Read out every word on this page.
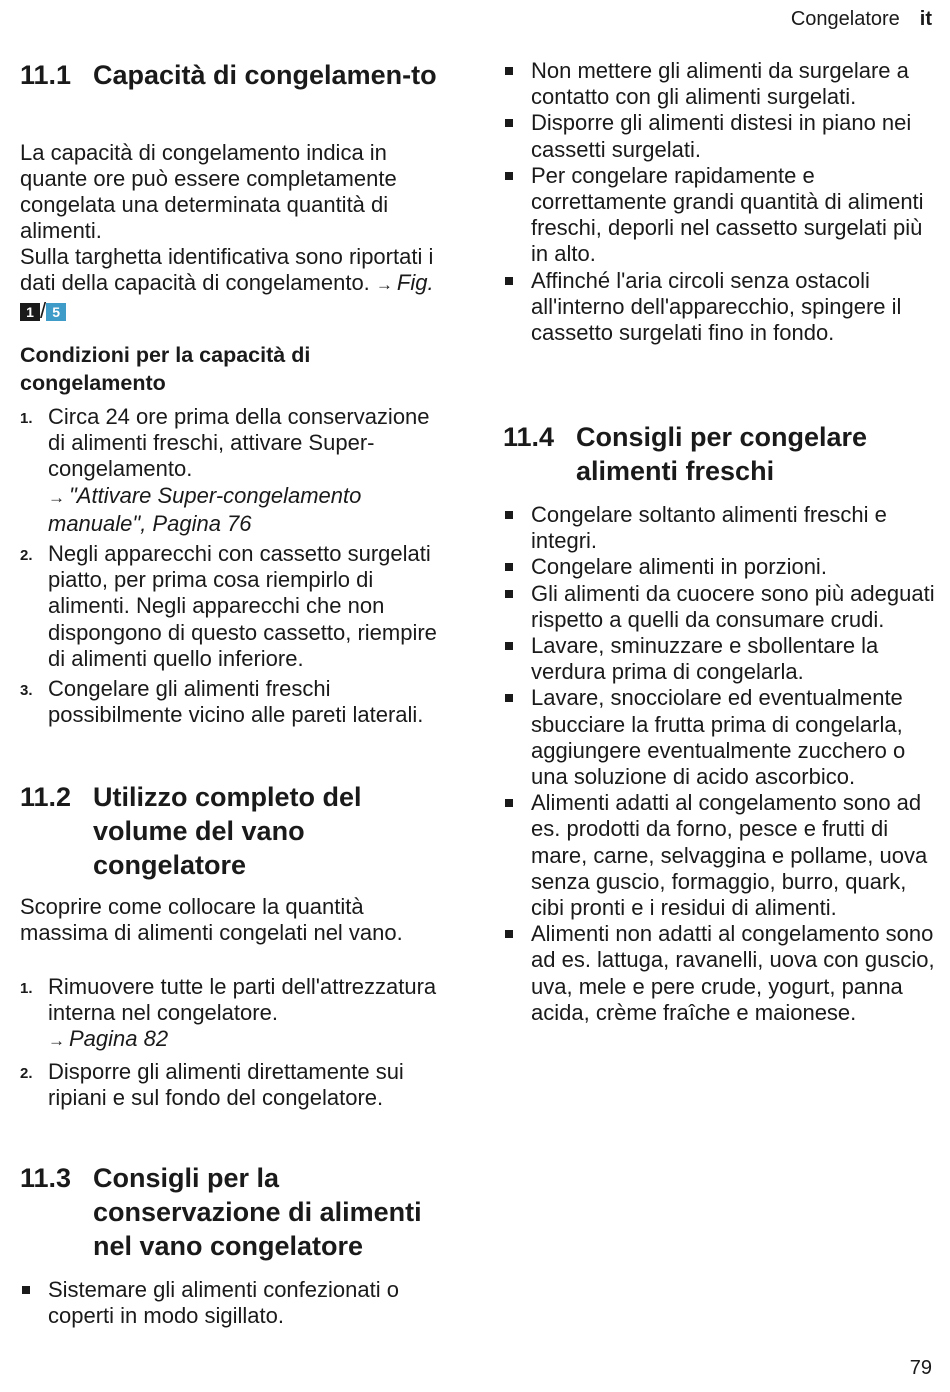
Congelatore it
11.1 Capacità di congelamen-to

La capacità di congelamento indica in quante ore può essere completamente congelata una determinata quantità di alimenti.
Sulla targhetta identificativa sono riportati i dati della capacità di congelamento. → Fig. 1 / 5

Condizioni per la capacità di congelamento
1. Circa 24 ore prima della conservazione di alimenti freschi, attivare Super-congelamento.
→ "Attivare Super-congelamento manuale", Pagina 76
2. Negli apparecchi con cassetto surgelati piatto, per prima cosa riempirlo di alimenti. Negli apparecchi che non dispongono di questo cassetto, riempire di alimenti quello inferiore.
3. Congelare gli alimenti freschi possibilmente vicino alle pareti laterali.
11.2 Utilizzo completo del volume del vano congelatore

Scoprire come collocare la quantità massima di alimenti congelati nel vano.

1. Rimuovere tutte le parti dell'attrezzatura interna nel congelatore.
→ Pagina 82
2. Disporre gli alimenti direttamente sui ripiani e sul fondo del congelatore.
11.3 Consigli per la conservazione di alimenti nel vano congelatore
Sistemare gli alimenti confezionati o coperti in modo sigillato.
Non mettere gli alimenti da surgelare a contatto con gli alimenti surgelati.
Disporre gli alimenti distesi in piano nei cassetti surgelati.
Per congelare rapidamente e correttamente grandi quantità di alimenti freschi, deporli nel cassetto surgelati più in alto.
Affinché l'aria circoli senza ostacoli all'interno dell'apparecchio, spingere il cassetto surgelati fino in fondo.
11.4 Consigli per congelare alimenti freschi
Congelare soltanto alimenti freschi e integri.
Congelare alimenti in porzioni.
Gli alimenti da cuocere sono più adeguati rispetto a quelli da consumare crudi.
Lavare, sminuzzare e sbollentare la verdura prima di congelarla.
Lavare, snocciolare ed eventualmente sbucciare la frutta prima di congelarla, aggiungere eventualmente zucchero o una soluzione di acido ascorbico.
Alimenti adatti al congelamento sono ad es. prodotti da forno, pesce e frutti di mare, carne, selvaggina e pollame, uova senza guscio, formaggio, burro, quark, cibi pronti e i residui di alimenti.
Alimenti non adatti al congelamento sono ad es. lattuga, ravanelli, uova con guscio, uva, mele e pere crude, yogurt, panna acida, crème fraîche e maionese.
79
